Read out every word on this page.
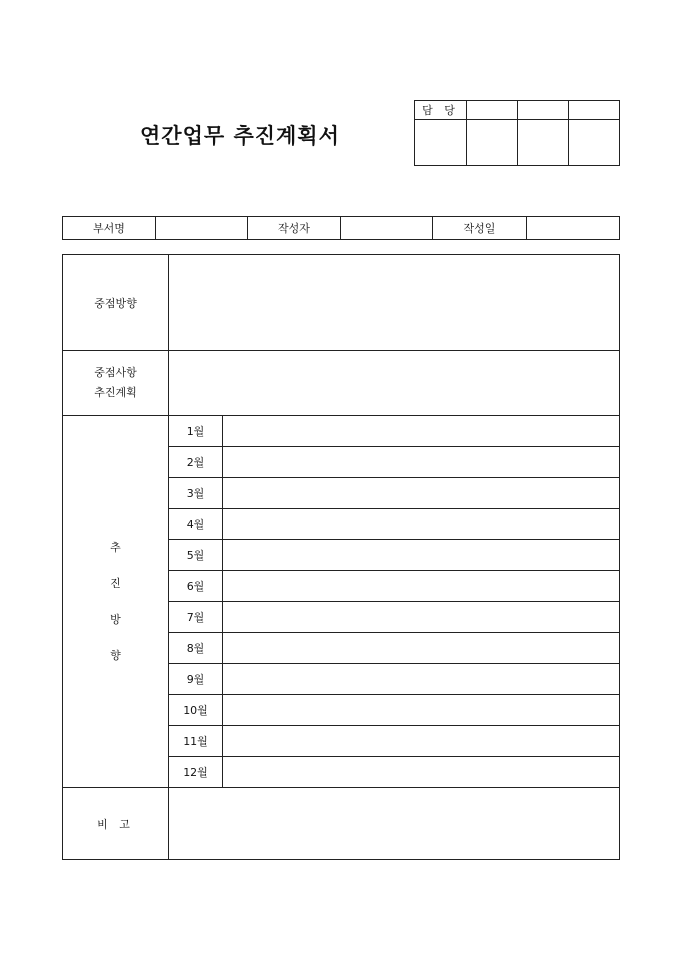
연간업무 추진계획서
담 당			

부서명		작성자		작성일	
중점방향		

중점사항
추진계획		

추
진
방
향	1월	
	2월	
	3월	
	4월	
	5월	
	6월	
	7월	
	8월	
	9월	
	10월	
	11월	
	12월	
비 고		
